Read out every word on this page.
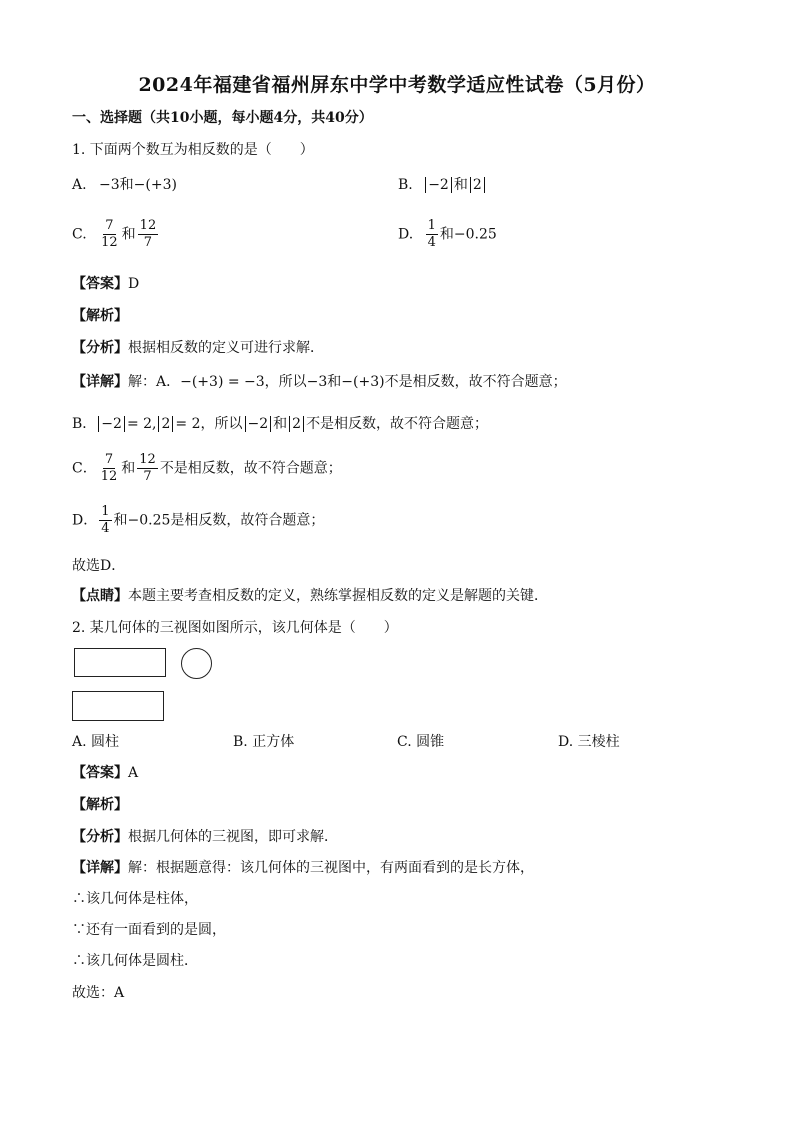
2024年福建省福州屏东中学中考数学适应性试卷（5月份）
一、选择题（共10小题，每小题4分，共40分）
1. 下面两个数互为相反数的是（　　）
A. −3和−(+3)	B. −2 和 2
C. $\frac{7}{12}$ 和 $\frac{12}{7}$	D. $\frac{1}{4}$ 和−0.25
【答案】D
【解析】
【分析】根据相反数的定义可进行求解．
【详解】解：A．−(+3) = −3，所以−3和−(+3)不是相反数，故不符合题意；
B． −2 = 2, 2 = 2，所以 −2 和 2 不是相反数，故不符合题意；
C． $\frac{7}{12}$ 和 $\frac{12}{7}$ 不是相反数，故不符合题意；
D． $\frac{1}{4}$ 和−0.25是相反数，故符合题意；
故选D．
【点睛】本题主要考查相反数的定义，熟练掌握相反数的定义是解题的关键．
2. 某几何体的三视图如图所示，该几何体是（　　）
A. 圆柱	B. 正方体	C. 圆锥	D. 三棱柱
【答案】A
【解析】
【分析】根据几何体的三视图，即可求解．
【详解】解：根据题意得：该几何体的三视图中，有两面看到的是长方体，
∴该几何体是柱体，
∵还有一面看到的是圆，
∴该几何体是圆柱．
故选：A
